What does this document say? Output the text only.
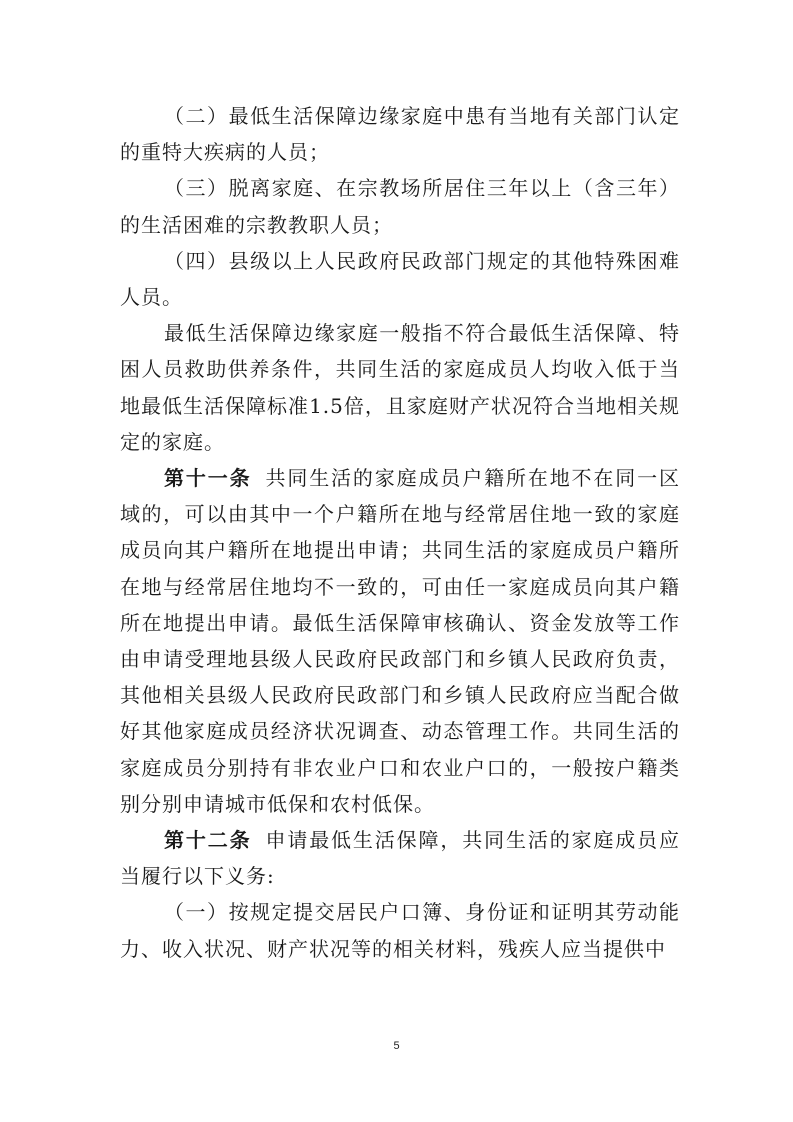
（二）最低生活保障边缘家庭中患有当地有关部门认定的重特大疾病的人员；

（三）脱离家庭、在宗教场所居住三年以上（含三年）的生活困难的宗教教职人员；

（四）县级以上人民政府民政部门规定的其他特殊困难人员。

最低生活保障边缘家庭一般指不符合最低生活保障、特困人员救助供养条件，共同生活的家庭成员人均收入低于当地最低生活保障标准1.5倍，且家庭财产状况符合当地相关规定的家庭。

第十一条 共同生活的家庭成员户籍所在地不在同一区域的，可以由其中一个户籍所在地与经常居住地一致的家庭成员向其户籍所在地提出申请；共同生活的家庭成员户籍所在地与经常居住地均不一致的，可由任一家庭成员向其户籍所在地提出申请。最低生活保障审核确认、资金发放等工作由申请受理地县级人民政府民政部门和乡镇人民政府负责，其他相关县级人民政府民政部门和乡镇人民政府应当配合做好其他家庭成员经济状况调查、动态管理工作。共同生活的家庭成员分别持有非农业户口和农业户口的，一般按户籍类别分别申请城市低保和农村低保。

第十二条 申请最低生活保障，共同生活的家庭成员应当履行以下义务:

（一）按规定提交居民户口簿、身份证和证明其劳动能力、收入状况、财产状况等的相关材料，残疾人应当提供中

5
